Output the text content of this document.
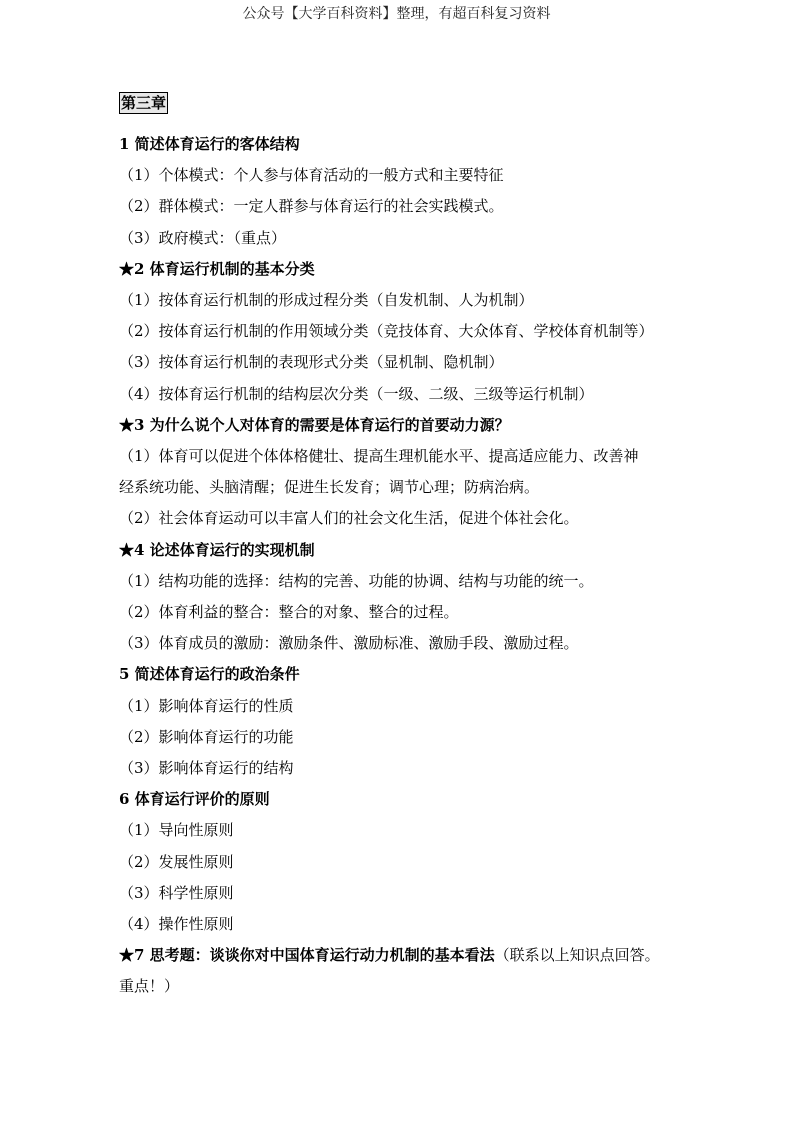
公众号【大学百科资料】整理，有超百科复习资料
第三章
1 简述体育运行的客体结构
（1）个体模式：个人参与体育活动的一般方式和主要特征
（2）群体模式：一定人群参与体育运行的社会实践模式。
（3）政府模式：（重点）
★2 体育运行机制的基本分类
（1）按体育运行机制的形成过程分类（自发机制、人为机制）
（2）按体育运行机制的作用领域分类（竞技体育、大众体育、学校体育机制等）
（3）按体育运行机制的表现形式分类（显机制、隐机制）
（4）按体育运行机制的结构层次分类（一级、二级、三级等运行机制）
★3 为什么说个人对体育的需要是体育运行的首要动力源？
（1）体育可以促进个体体格健壮、提高生理机能水平、提高适应能力、改善神
经系统功能、头脑清醒；促进生长发育；调节心理；防病治病。
（2）社会体育运动可以丰富人们的社会文化生活，促进个体社会化。
★4 论述体育运行的实现机制
（1）结构功能的选择：结构的完善、功能的协调、结构与功能的统一。
（2）体育利益的整合：整合的对象、整合的过程。
（3）体育成员的激励：激励条件、激励标准、激励手段、激励过程。
5 简述体育运行的政治条件
（1）影响体育运行的性质
（2）影响体育运行的功能
（3）影响体育运行的结构
6 体育运行评价的原则
（1）导向性原则
（2）发展性原则
（3）科学性原则
（4）操作性原则
★7 思考题：谈谈你对中国体育运行动力机制的基本看法（联系以上知识点回答。
重点！）
